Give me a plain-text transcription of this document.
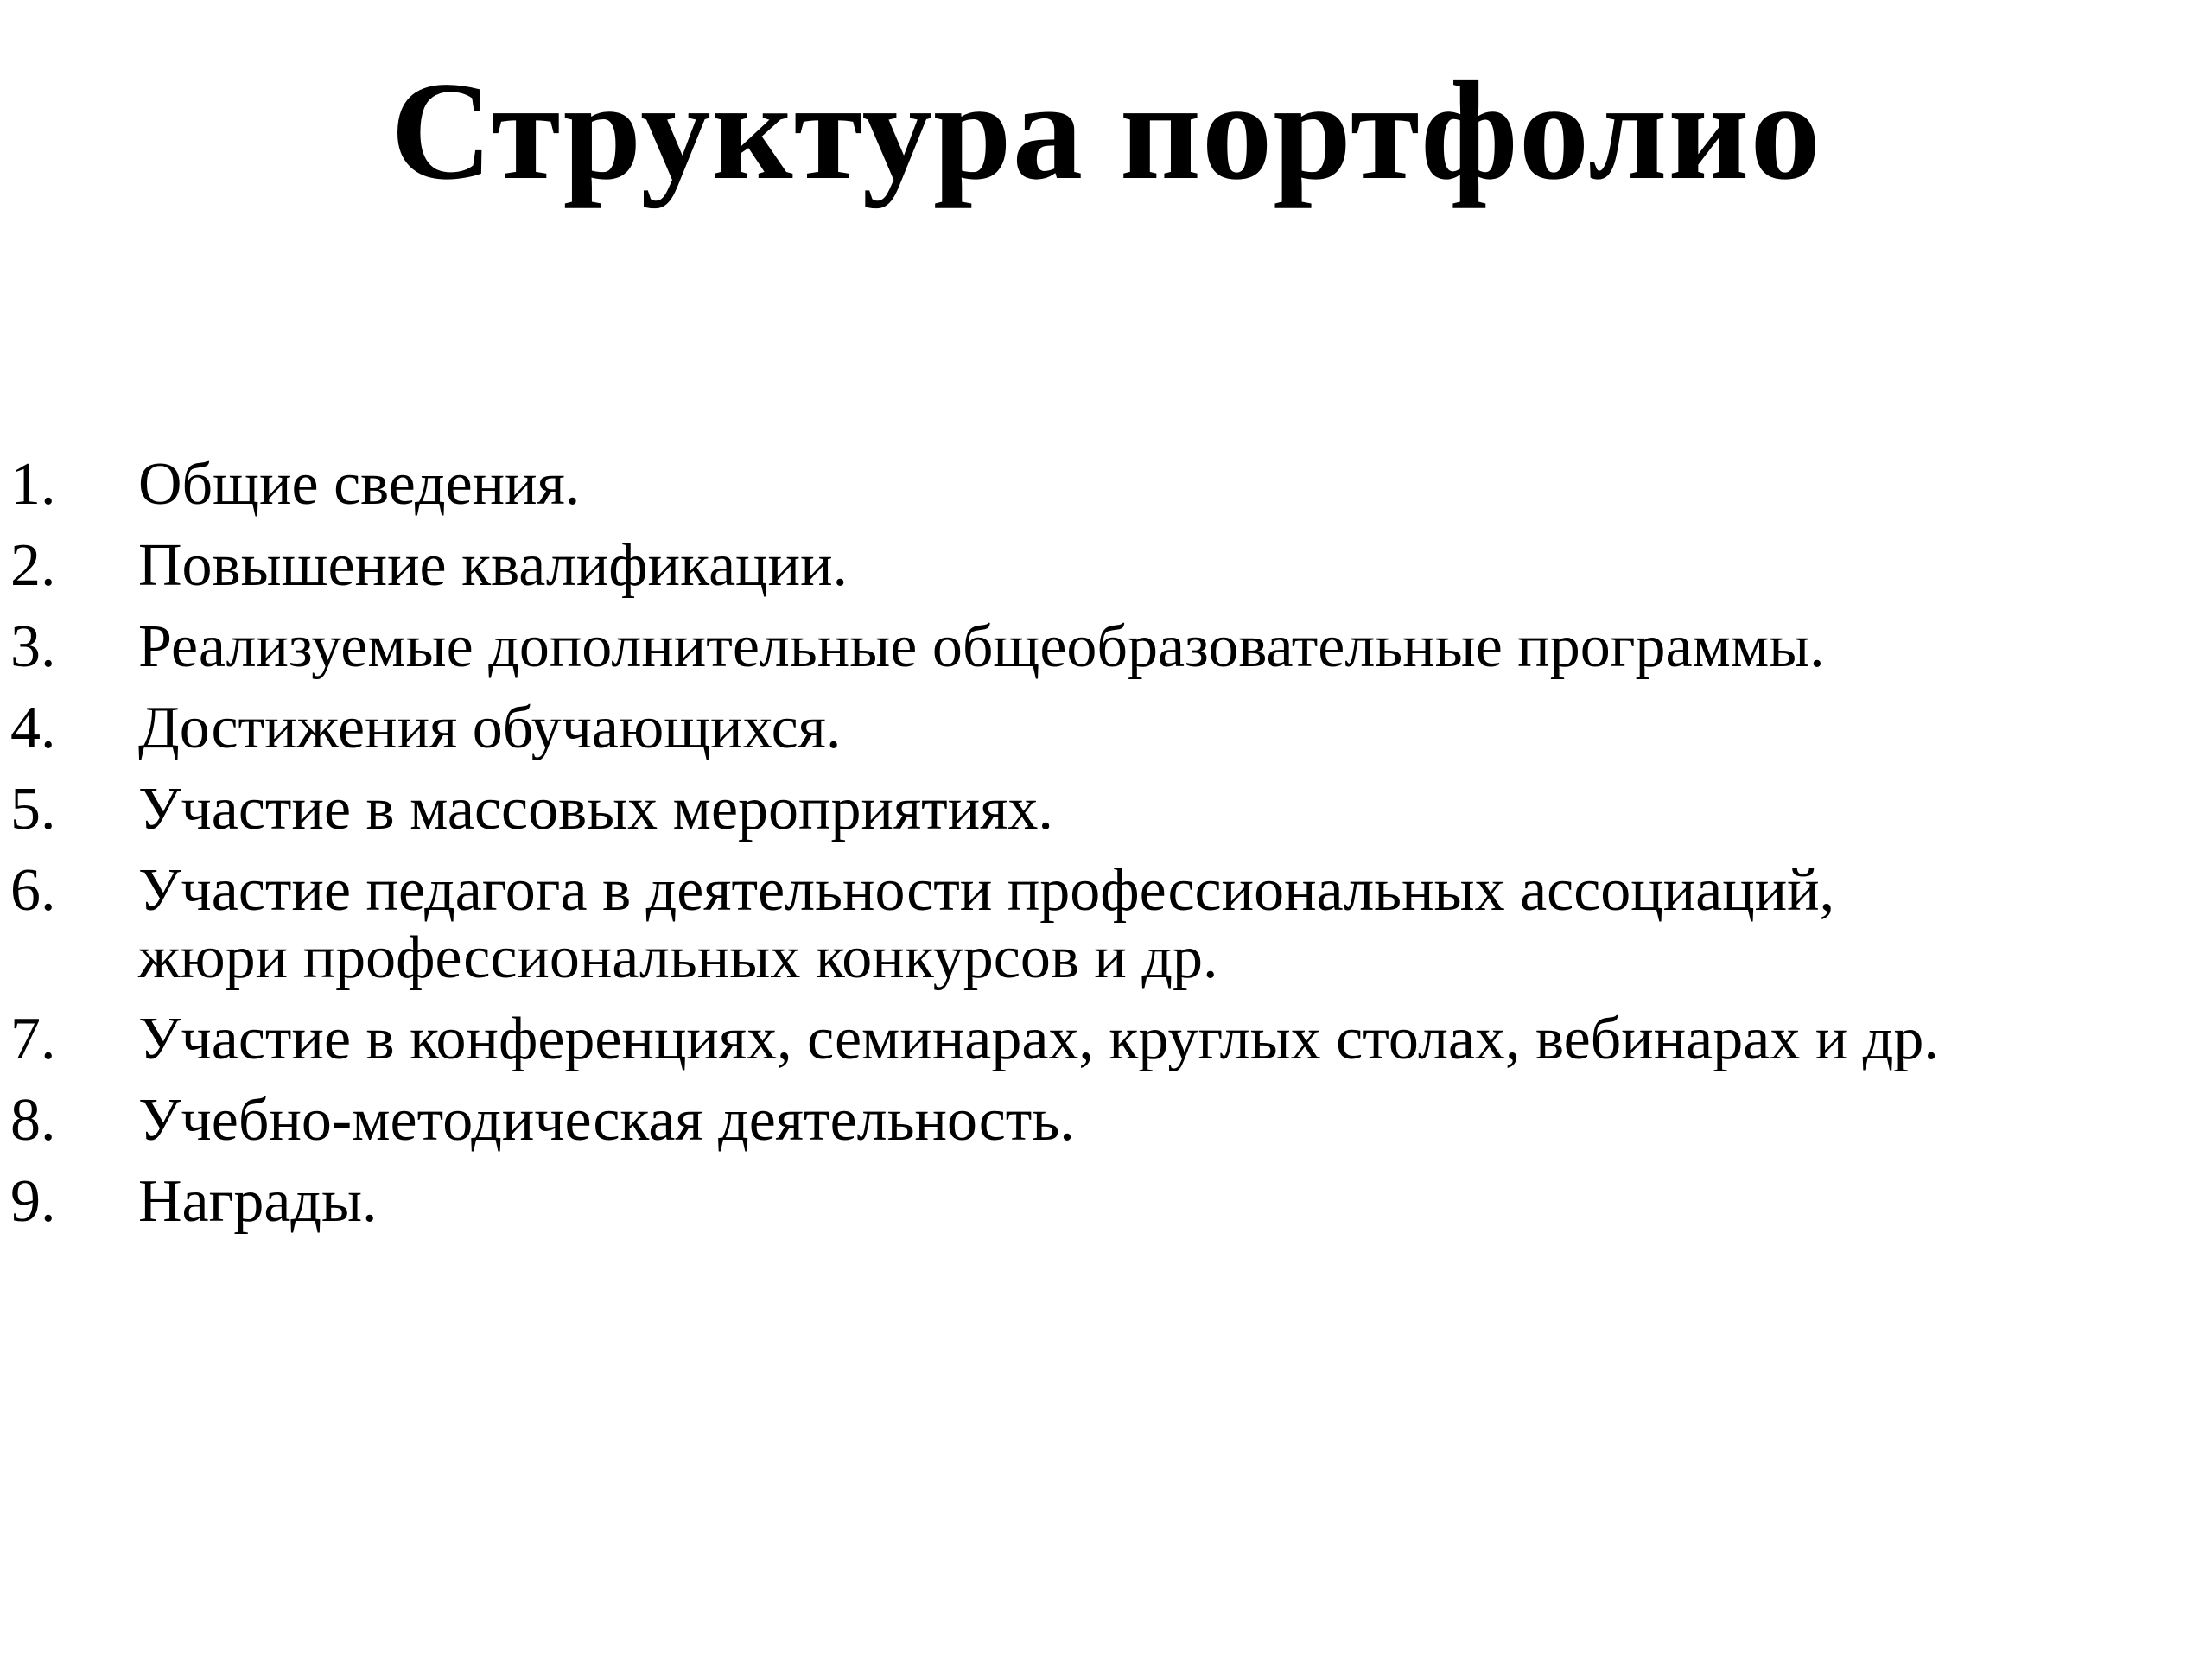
Структура портфолио
1.	Общие сведения.
2.	Повышение квалификации.
3.	Реализуемые дополнительные общеобразовательные программы.
4.	Достижения обучающихся.
5.	Участие в массовых мероприятиях.
6.	Участие педагога в деятельности профессиональных ассоциаций,
жюри профессиональных конкурсов и др.
7.	Участие в конференциях, семинарах, круглых столах, вебинарах и др.
8.	Учебно-методическая деятельность.
9.	Награды.
